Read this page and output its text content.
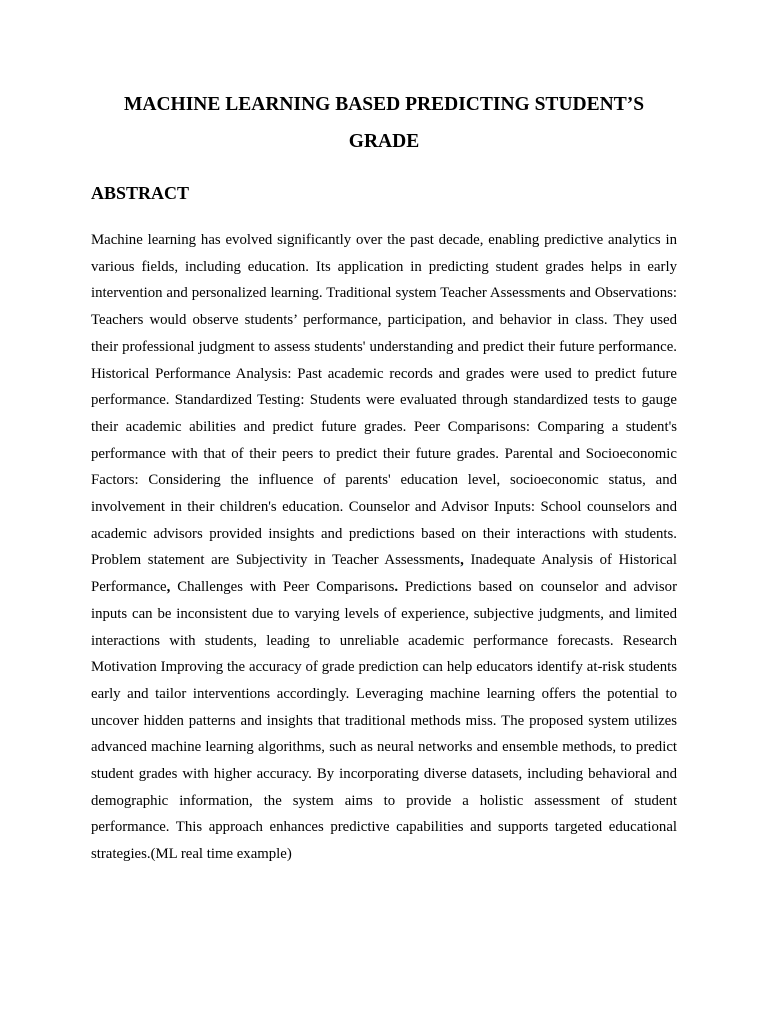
MACHINE LEARNING BASED PREDICTING STUDENT’S GRADE
ABSTRACT

Machine learning has evolved significantly over the past decade, enabling predictive analytics in various fields, including education. Its application in predicting student grades helps in early intervention and personalized learning. Traditional system Teacher Assessments and Observations: Teachers would observe students’ performance, participation, and behavior in class. They used their professional judgment to assess students' understanding and predict their future performance. Historical Performance Analysis: Past academic records and grades were used to predict future performance. Standardized Testing: Students were evaluated through standardized tests to gauge their academic abilities and predict future grades. Peer Comparisons: Comparing a student's performance with that of their peers to predict their future grades. Parental and Socioeconomic Factors: Considering the influence of parents' education level, socioeconomic status, and involvement in their children's education. Counselor and Advisor Inputs: School counselors and academic advisors provided insights and predictions based on their interactions with students. Problem statement are Subjectivity in Teacher Assessments, Inadequate Analysis of Historical Performance, Challenges with Peer Comparisons. Predictions based on counselor and advisor inputs can be inconsistent due to varying levels of experience, subjective judgments, and limited interactions with students, leading to unreliable academic performance forecasts. Research Motivation Improving the accuracy of grade prediction can help educators identify at-risk students early and tailor interventions accordingly. Leveraging machine learning offers the potential to uncover hidden patterns and insights that traditional methods miss. The proposed system utilizes advanced machine learning algorithms, such as neural networks and ensemble methods, to predict student grades with higher accuracy. By incorporating diverse datasets, including behavioral and demographic information, the system aims to provide a holistic assessment of student performance. This approach enhances predictive capabilities and supports targeted educational strategies.(ML real time example)
